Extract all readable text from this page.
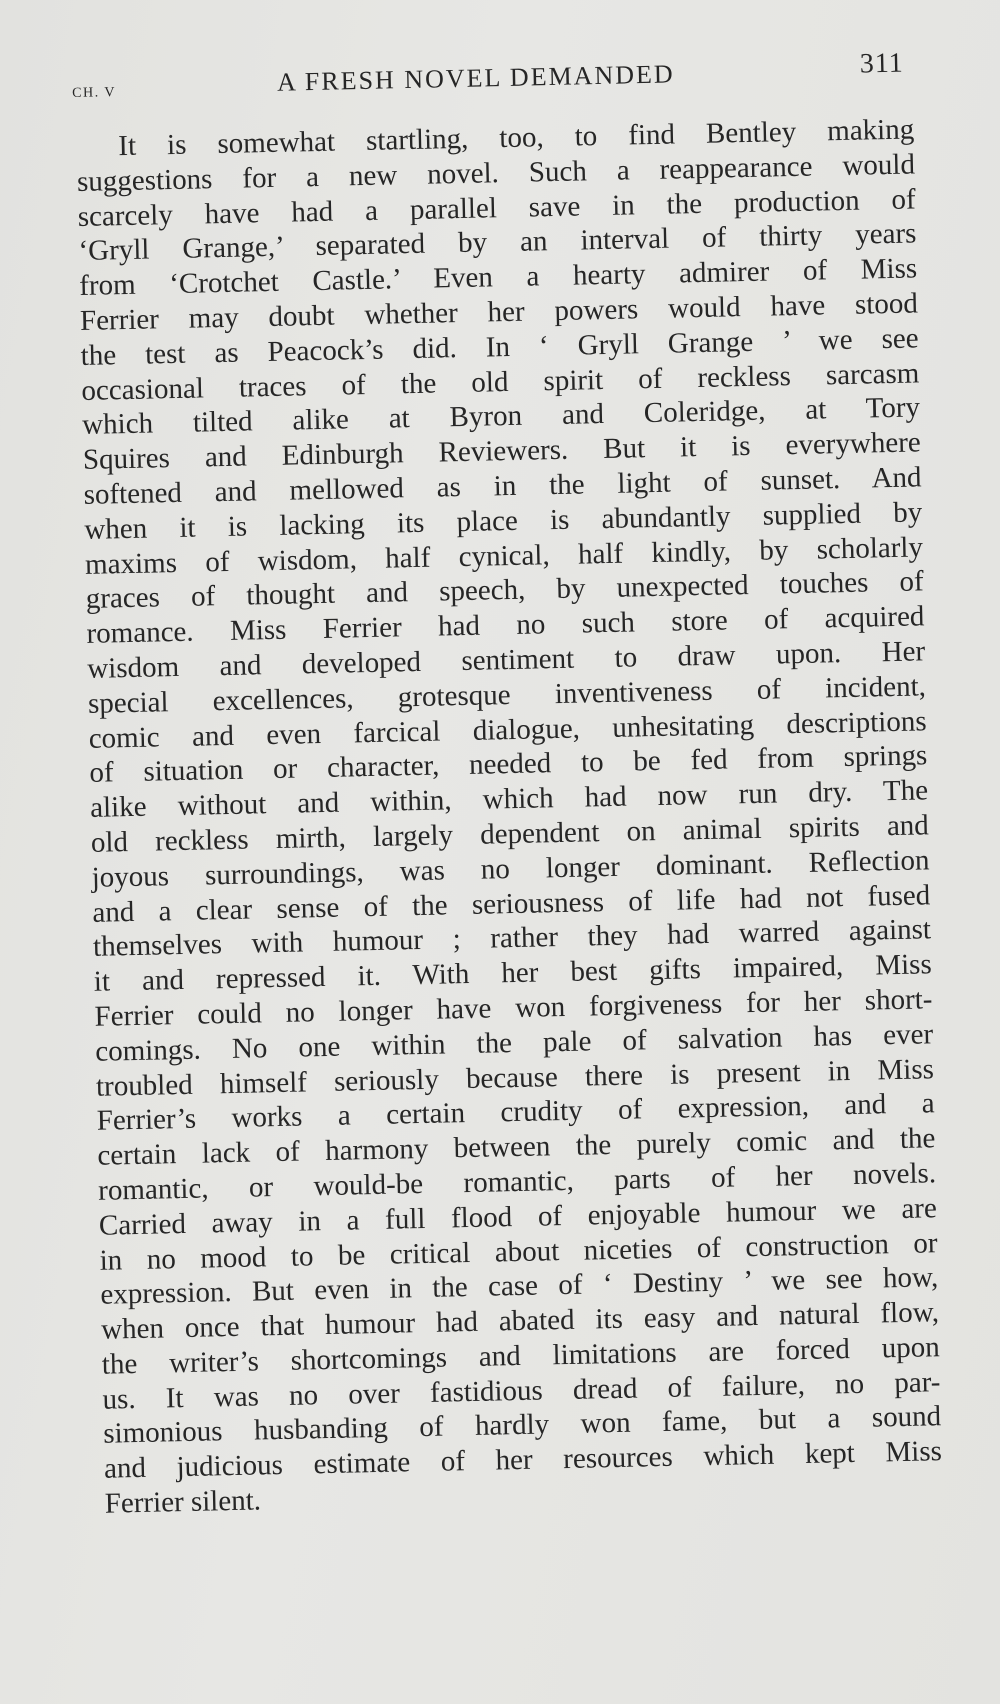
CH. V	A FRESH NOVEL DEMANDED	311
It is somewhat startling, too, to find Bentley making
suggestions for a new novel. Such a reappearance would
scarcely have had a parallel save in the production of
‘Gryll Grange,’ separated by an interval of thirty years
from ‘Crotchet Castle.’ Even a hearty admirer of Miss
Ferrier may doubt whether her powers would have stood
the test as Peacock’s did. In ‘ Gryll Grange ’ we see
occasional traces of the old spirit of reckless sarcasm
which tilted alike at Byron and Coleridge, at Tory
Squires and Edinburgh Reviewers. But it is everywhere
softened and mellowed as in the light of sunset. And
when it is lacking its place is abundantly supplied by
maxims of wisdom, half cynical, half kindly, by scholarly
graces of thought and speech, by unexpected touches of
romance. Miss Ferrier had no such store of acquired
wisdom and developed sentiment to draw upon. Her
special excellences, grotesque inventiveness of incident,
comic and even farcical dialogue, unhesitating descriptions
of situation or character, needed to be fed from springs
alike without and within, which had now run dry. The
old reckless mirth, largely dependent on animal spirits and
joyous surroundings, was no longer dominant. Reflection
and a clear sense of the seriousness of life had not fused
themselves with humour ; rather they had warred against
it and repressed it. With her best gifts impaired, Miss
Ferrier could no longer have won forgiveness for her short-
comings. No one within the pale of salvation has ever
troubled himself seriously because there is present in Miss
Ferrier’s works a certain crudity of expression, and a
certain lack of harmony between the purely comic and the
romantic, or would-be romantic, parts of her novels.
Carried away in a full flood of enjoyable humour we are
in no mood to be critical about niceties of construction or
expression. But even in the case of ‘ Destiny ’ we see how,
when once that humour had abated its easy and natural flow,
the writer’s shortcomings and limitations are forced upon
us. It was no over fastidious dread of failure, no par-
simonious husbanding of hardly won fame, but a sound
and judicious estimate of her resources which kept Miss
Ferrier silent.
